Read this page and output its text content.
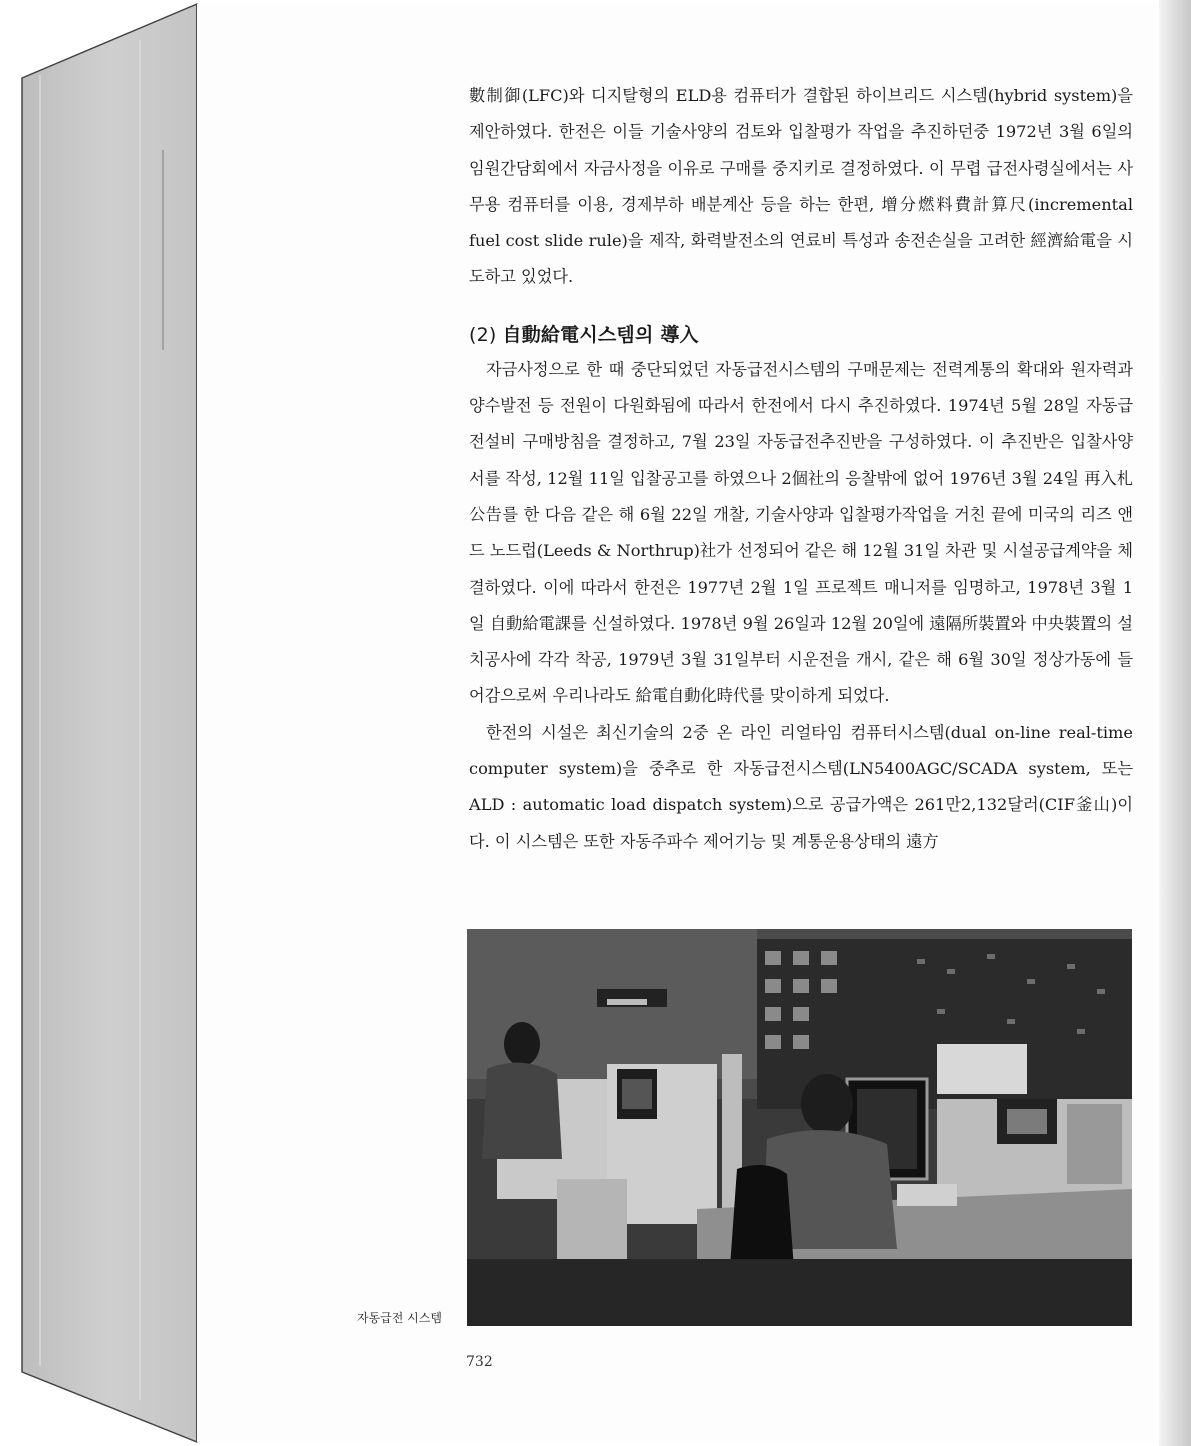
數制御(LFC)와 디지탈형의 ELD용 컴퓨터가 결합된 하이브리드 시스템(hybrid system)을 제안하였다. 한전은 이들 기술사양의 검토와 입찰평가 작업을 추진하던중 1972년 3월 6일의 임원간담회에서 자금사정을 이유로 구매를 중지키로 결정하였다. 이 무렵 급전사령실에서는 사무용 컴퓨터를 이용, 경제부하 배분계산 등을 하는 한편, 增分燃料費計算尺(incremental fuel cost slide rule)을 제작, 화력발전소의 연료비 특성과 송전손실을 고려한 經濟給電을 시도하고 있었다.

(2) 自動給電시스템의 導入

자금사정으로 한 때 중단되었던 자동급전시스템의 구매문제는 전력계통의 확대와 원자력과 양수발전 등 전원이 다원화됨에 따라서 한전에서 다시 추진하였다. 1974년 5월 28일 자동급전설비 구매방침을 결정하고, 7월 23일 자동급전추진반을 구성하였다. 이 추진반은 입찰사양서를 작성, 12월 11일 입찰공고를 하였으나 2個社의 응찰밖에 없어 1976년 3월 24일 再入札公告를 한 다음 같은 해 6월 22일 개찰, 기술사양과 입찰평가작업을 거친 끝에 미국의 리즈 앤드 노드럽(Leeds & Northrup)社가 선정되어 같은 해 12월 31일 차관 및 시설공급계약을 체결하였다. 이에 따라서 한전은 1977년 2월 1일 프로젝트 매니저를 임명하고, 1978년 3월 1일 自動給電課를 신설하였다. 1978년 9월 26일과 12월 20일에 遠隔所裝置와 中央裝置의 설치공사에 각각 착공, 1979년 3월 31일부터 시운전을 개시, 같은 해 6월 30일 정상가동에 들어감으로써 우리나라도 給電自動化時代를 맞이하게 되었다.

한전의 시설은 최신기술의 2중 온 라인 리얼타임 컴퓨터시스템(dual on-line real-time computer system)을 중추로 한 자동급전시스템(LN5400AGC/SCADA system, 또는 ALD : automatic load dispatch system)으로 공급가액은 261만2,132달러(CIF釜山)이다. 이 시스템은 또한 자동주파수 제어기능 및 계통운용상태의 遠方

자동급전 시스템
732
